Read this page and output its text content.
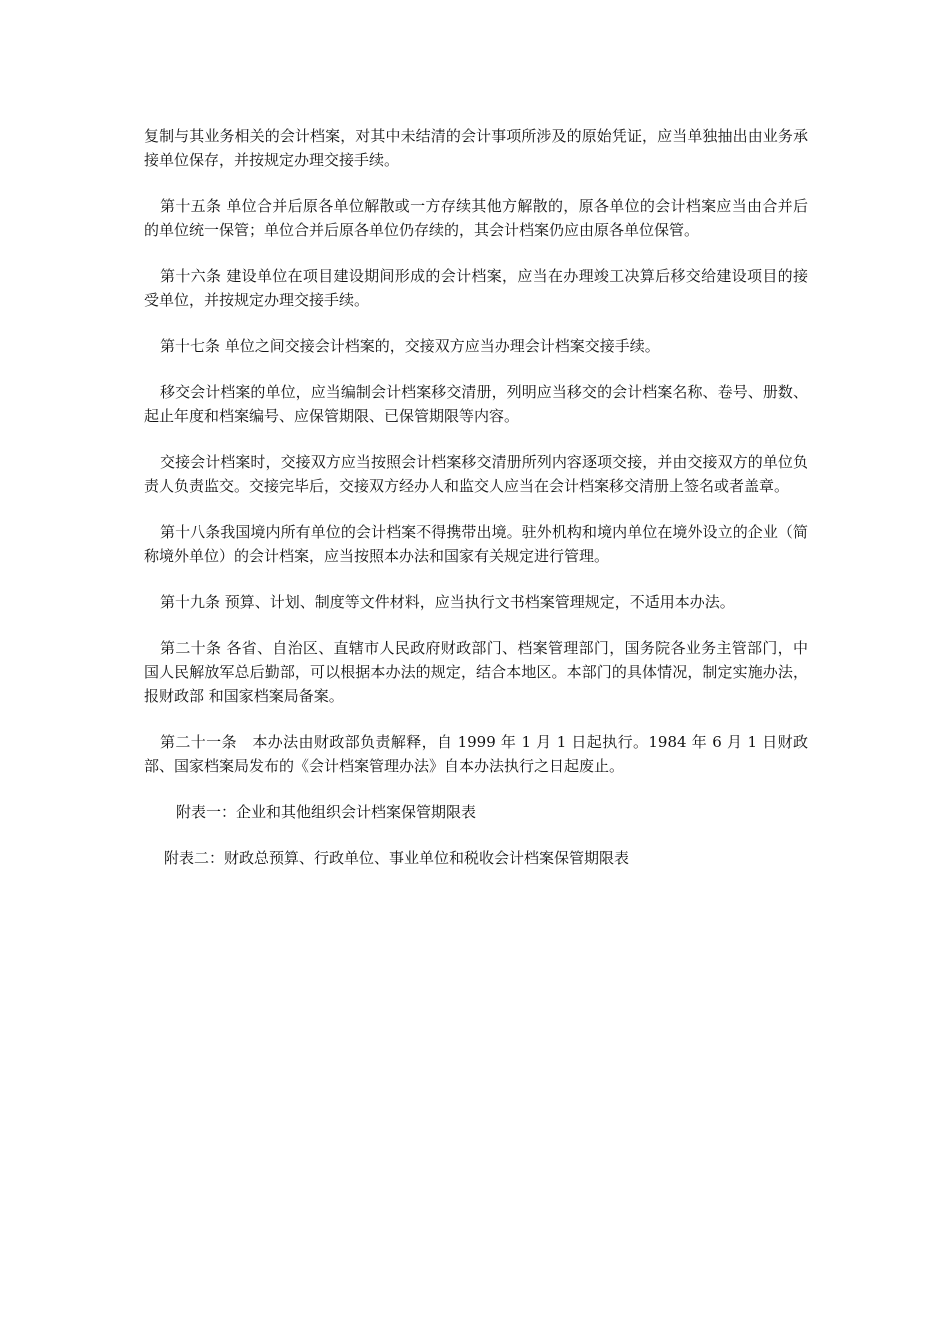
复制与其业务相关的会计档案，对其中未结清的会计事项所涉及的原始凭证，应当单独抽出由业务承接单位保存，并按规定办理交接手续。

第十五条 单位合并后原各单位解散或一方存续其他方解散的，原各单位的会计档案应当由合并后的单位统一保管；单位合并后原各单位仍存续的，其会计档案仍应由原各单位保管。

第十六条 建设单位在项目建设期间形成的会计档案，应当在办理竣工决算后移交给建设项目的接受单位，并按规定办理交接手续。

第十七条 单位之间交接会计档案的，交接双方应当办理会计档案交接手续。

移交会计档案的单位，应当编制会计档案移交清册，列明应当移交的会计档案名称、卷号、册数、起止年度和档案编号、应保管期限、已保管期限等内容。

交接会计档案时，交接双方应当按照会计档案移交清册所列内容逐项交接，并由交接双方的单位负责人负责监交。交接完毕后，交接双方经办人和监交人应当在会计档案移交清册上签名或者盖章。

第十八条我国境内所有单位的会计档案不得携带出境。驻外机构和境内单位在境外设立的企业（简称境外单位）的会计档案，应当按照本办法和国家有关规定进行管理。

第十九条 预算、计划、制度等文件材料，应当执行文书档案管理规定，不适用本办法。

第二十条 各省、自治区、直辖市人民政府财政部门、档案管理部门，国务院各业务主管部门，中国人民解放军总后勤部，可以根据本办法的规定，结合本地区。本部门的具体情况，制定实施办法，报财政部 和国家档案局备案。

第二十一条　本办法由财政部负责解释，自 1999 年 1 月 1 日起执行。1984 年 6 月 1 日财政部、国家档案局发布的《会计档案管理办法》自本办法执行之日起废止。

附表一：企业和其他组织会计档案保管期限表

附表二：财政总预算、行政单位、事业单位和税收会计档案保管期限表
